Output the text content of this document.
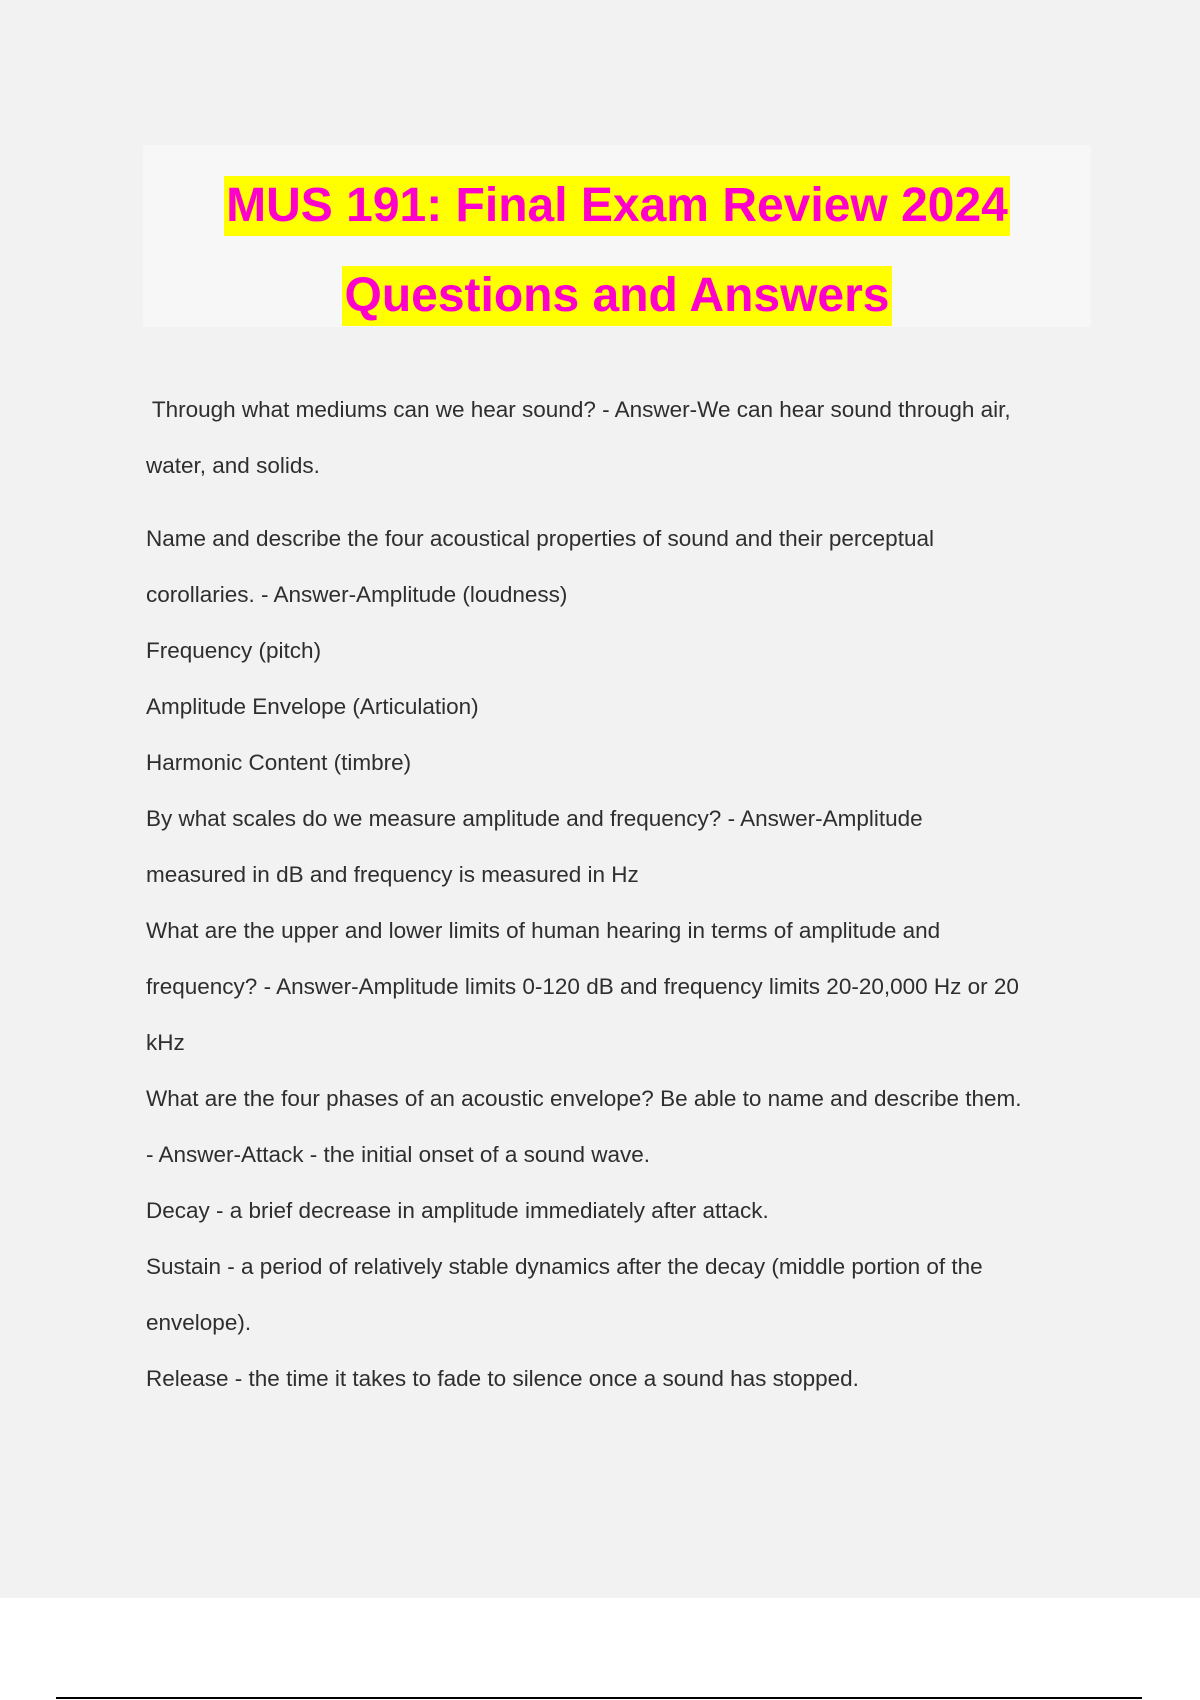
MUS 191: Final Exam Review 2024
Questions and Answers

Through what mediums can we hear sound? - Answer-We can hear sound through air,

water, and solids.

Name and describe the four acoustical properties of sound and their perceptual

corollaries. - Answer-Amplitude (loudness)

Frequency (pitch)

Amplitude Envelope (Articulation)

Harmonic Content (timbre)

By what scales do we measure amplitude and frequency? - Answer-Amplitude

measured in dB and frequency is measured in Hz

What are the upper and lower limits of human hearing in terms of amplitude and

frequency? - Answer-Amplitude limits 0-120 dB and frequency limits 20-20,000 Hz or 20

kHz

What are the four phases of an acoustic envelope? Be able to name and describe them.

- Answer-Attack - the initial onset of a sound wave.

Decay - a brief decrease in amplitude immediately after attack.

Sustain - a period of relatively stable dynamics after the decay (middle portion of the

envelope).

Release - the time it takes to fade to silence once a sound has stopped.
